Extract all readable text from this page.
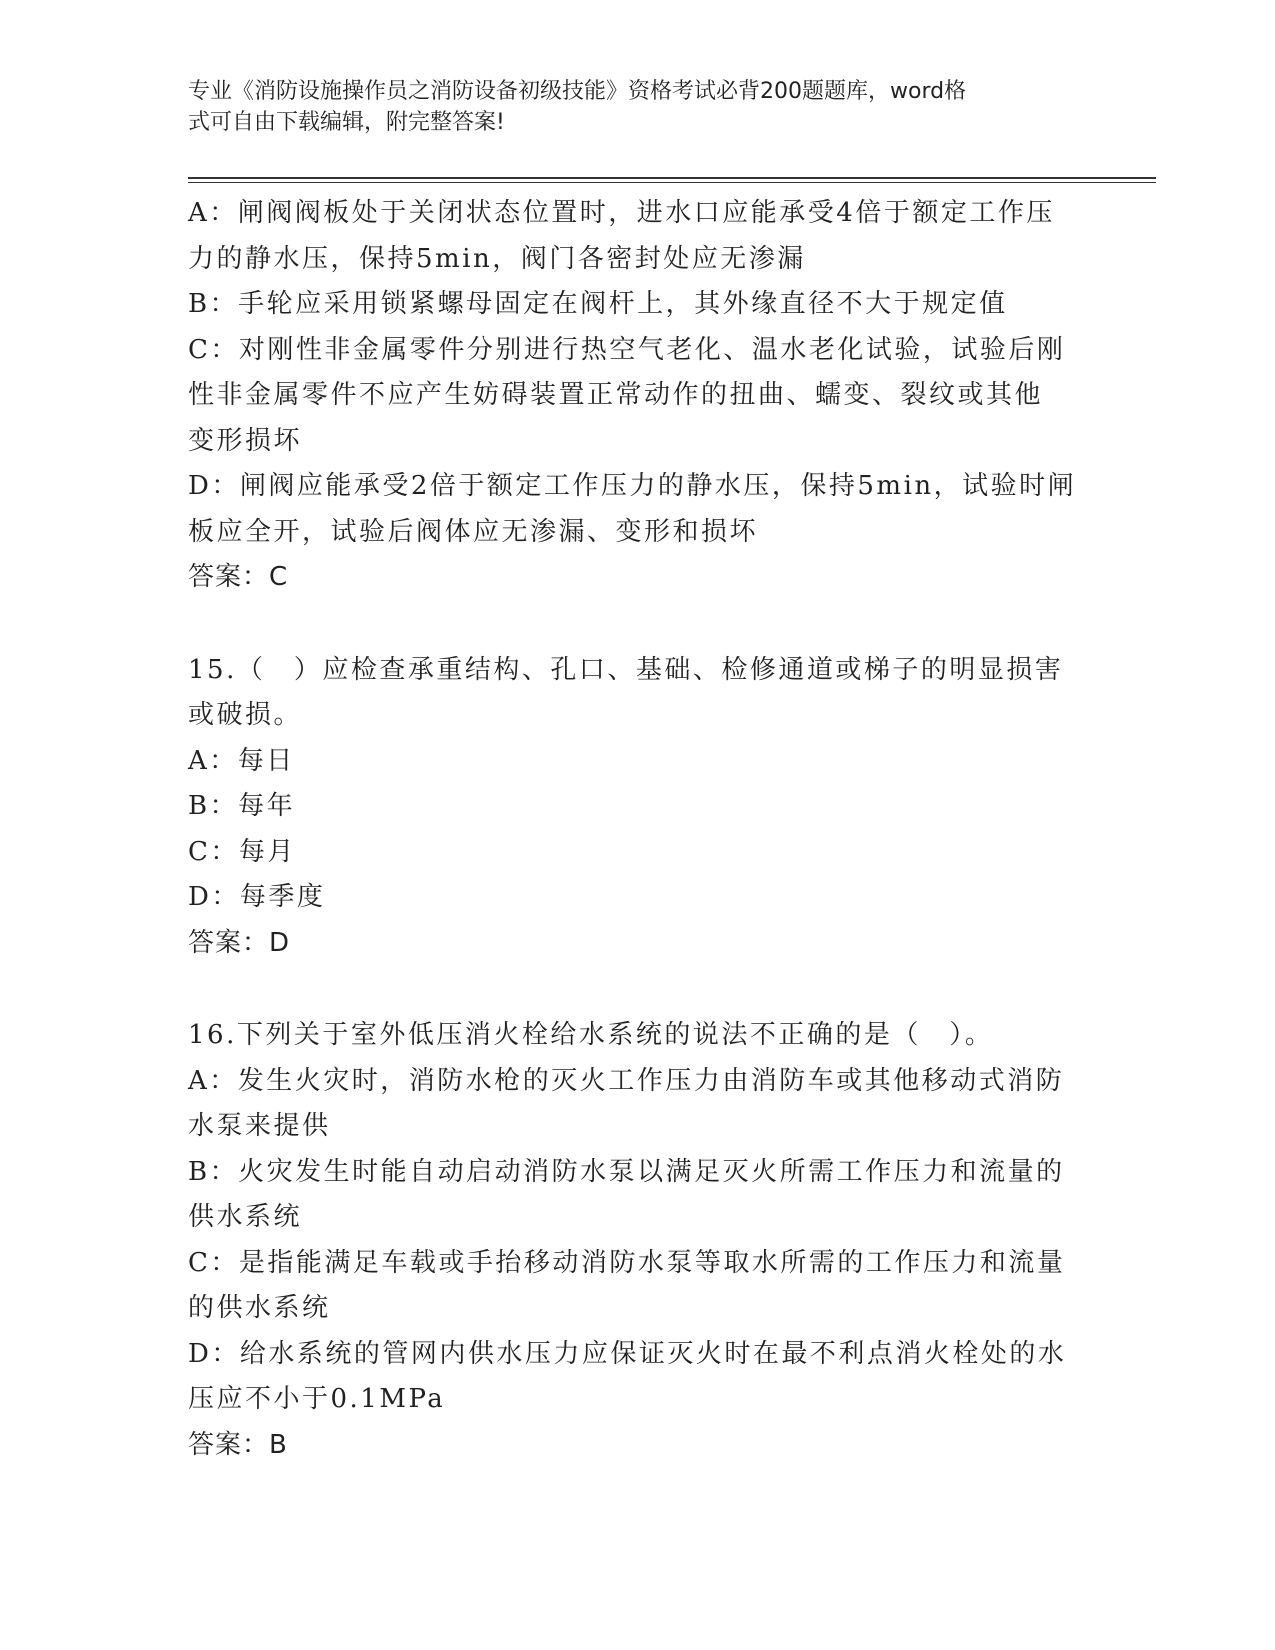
专业《消防设施操作员之消防设备初级技能》资格考试必背200题题库，word格
式可自由下载编辑，附完整答案!

A：闸阀阀板处于关闭状态位置时，进水口应能承受4倍于额定工作压

力的静水压，保持5min，阀门各密封处应无渗漏

B：手轮应采用锁紧螺母固定在阀杆上，其外缘直径不大于规定值

C：对刚性非金属零件分别进行热空气老化、温水老化试验，试验后刚

性非金属零件不应产生妨碍装置正常动作的扭曲、蠕变、裂纹或其他

变形损坏

D：闸阀应能承受2倍于额定工作压力的静水压，保持5min，试验时闸

板应全开，试验后阀体应无渗漏、变形和损坏

答案：C

15.（　）应检查承重结构、孔口、基础、检修通道或梯子的明显损害

或破损。

A：每日

B：每年

C：每月

D：每季度

答案：D

16.下列关于室外低压消火栓给水系统的说法不正确的是（　）。

A：发生火灾时，消防水枪的灭火工作压力由消防车或其他移动式消防

水泵来提供

B：火灾发生时能自动启动消防水泵以满足灭火所需工作压力和流量的

供水系统

C：是指能满足车载或手抬移动消防水泵等取水所需的工作压力和流量

的供水系统

D：给水系统的管网内供水压力应保证灭火时在最不利点消火栓处的水

压应不小于0.1MPa

答案：B
